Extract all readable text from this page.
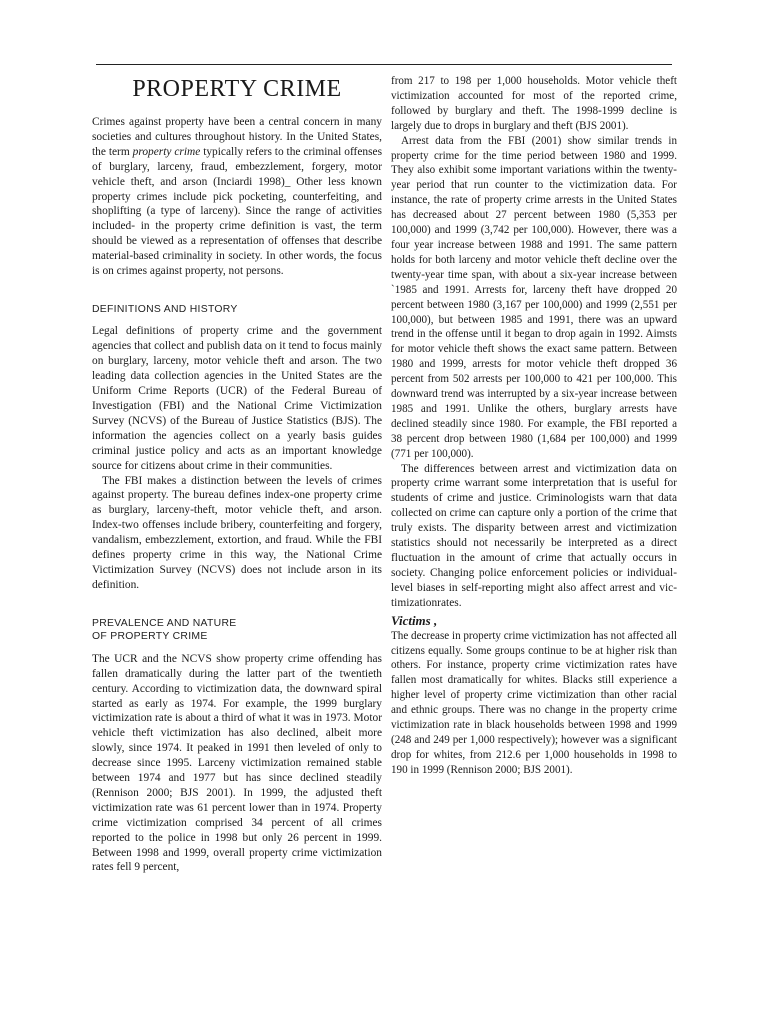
PROPERTY CRIME

Crimes against property have been a central concern in many societies and cultures throughout history. In the United States, the term property crime typically refers to the criminal offenses of burglary, larceny, fraud, embezzlement, forgery, motor vehicle theft, and arson (Inciardi 1998)_ Other less known property crimes include pick pocketing, counterfeiting, and shoplifting (a type of larceny). Since the range of activities included- in the property crime definition is vast, the term should be viewed as a representation of offenses that describe material-based criminality in society. In other words, the focus is on crimes against property, not persons.

DEFINITIONS AND HISTORY

Legal definitions of property crime and the government agencies that collect and publish data on it tend to focus mainly on burglary, larceny, motor vehicle theft and arson. The two leading data collection agencies in the United States are the Uniform Crime Reports (UCR) of the Federal Bureau of Investigation (FBI) and the National Crime Victimization Survey (NCVS) of the Bureau of Justice Statistics (BJS). The information the agencies collect on a yearly basis guides criminal justice policy and acts as an important knowledge source for citizens about crime in their communities.

The FBI makes a distinction between the levels of crimes against property. The bureau defines index-one property crime as burglary, larceny-theft, motor vehicle theft, and arson. Index-two offenses include bribery, counterfeiting and forgery, vandalism, embezzlement, extortion, and fraud. While the FBI defines property crime in this way, the National Crime Victimization Survey (NCVS) does not include arson in its definition.

PREVALENCE AND NATURE
OF PROPERTY CRIME

The UCR and the NCVS show property crime offending has fallen dramatically during the latter part of the twentieth century. According to victimization data, the downward spiral started as early as 1974. For example, the 1999 burglary victimization rate is about a third of what it was in 1973. Motor vehicle theft victimization has also declined, albeit more slowly, since 1974. It peaked in 1991 then leveled of only to decrease since 1995. Larceny victimization remained stable between 1974 and 1977 but has since declined steadily (Rennison 2000; BJS 2001). In 1999, the adjusted theft victimization rate was 61 percent lower than in 1974. Property crime victimization comprised 34 percent of all crimes reported to the police in 1998 but only 26 percent in 1999. Between 1998 and 1999, overall property crime victimization rates fell 9 percent,

from 217 to 198 per 1,000 households. Motor vehicle theft victimization accounted for most of the reported crime, followed by burglary and theft. The 1998-1999 decline is largely due to drops in burglary and theft (BJS 2001).

Arrest data from the FBI (2001) show similar trends in property crime for the time period between 1980 and 1999. They also exhibit some important variations within the twenty-year period that run counter to the victimization data. For instance, the rate of property crime arrests in the United States has decreased about 27 percent between 1980 (5,353 per 100,000) and 1999 (3,742 per 100,000). However, there was a four year increase between 1988 and 1991. The same pattern holds for both larceny and motor vehicle theft decline over the twenty-year time span, with about a six-year increase between `1985 and 1991. Arrests for, larceny theft have dropped 20 percent between 1980 (3,167 per 100,000) and 1999 (2,551 per 100,000), but between 1985 and 1991, there was an upward trend in the offense until it began to drop again in 1992. Aimsts for motor vehicle theft shows the exact same pattern. Between 1980 and 1999, arrests for motor vehicle theft dropped 36 percent from 502 arrests per 100,000 to 421 per 100,000. This downward trend was interrupted by a six-year increase between 1985 and 1991. Unlike the others, burglary arrests have declined steadily since 1980. For example, the FBI reported a 38 percent drop between 1980 (1,684 per 100,000) and 1999 (771 per 100,000).

The differences between arrest and victimization data on property crime warrant some interpretation that is useful for students of crime and justice. Criminologists warn that data collected on crime can capture only a portion of the crime that truly exists. The disparity between arrest and victimization statistics should not necessarily be interpreted as a direct fluctuation in the amount of crime that actually occurs in society. Changing police enforcement policies or individual-level biases in self-reporting might also affect arrest and vic-timizationrates.

Victims ,

The decrease in property crime victimization has not affected all citizens equally. Some groups continue to be at higher risk than others. For instance, property crime victimization rates have fallen most dramatically for whites. Blacks still experience a higher level of property crime victimization than other racial and ethnic groups. There was no change in the property crime victimization rate in black households between 1998 and 1999 (248 and 249 per 1,000 respectively); however was a significant drop for whites, from 212.6 per 1,000 households in 1998 to 190 in 1999 (Rennison 2000; BJS 2001).
